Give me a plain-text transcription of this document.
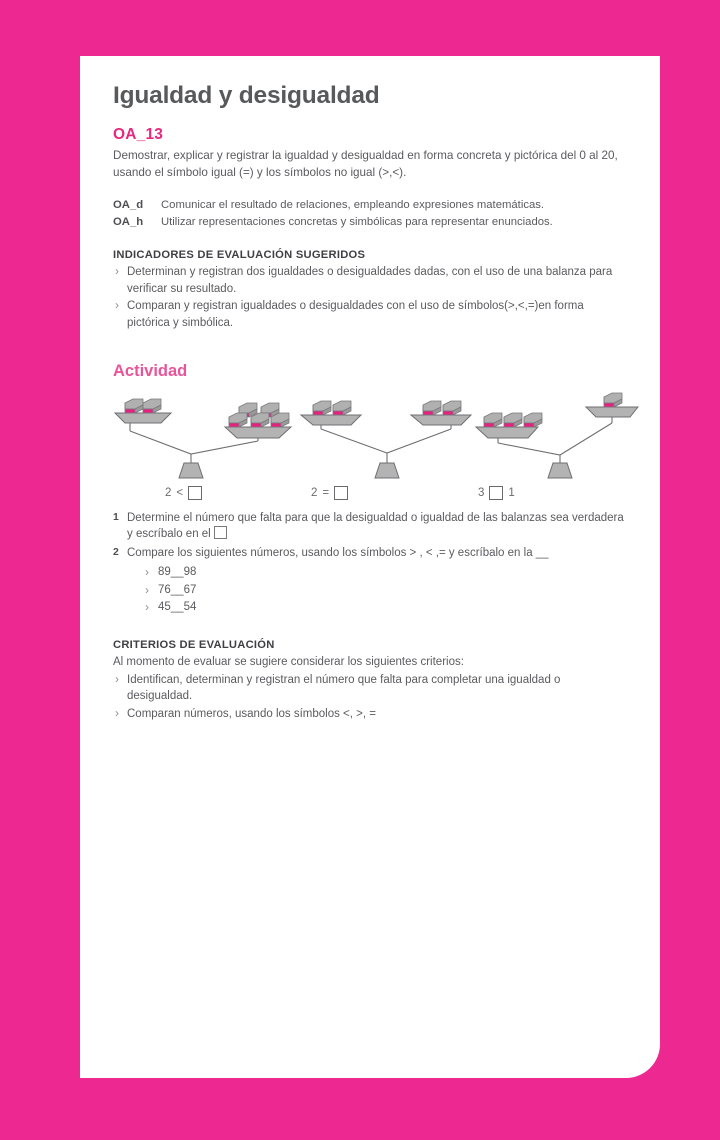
Igualdad y desigualdad
OA_13

Demostrar, explicar y registrar la igualdad y desigualdad en forma concreta y pictórica del 0 al 20, usando el símbolo igual (=) y los símbolos no igual (>,<).

OA_d	Comunicar el resultado de relaciones, empleando expresiones matemáticas.
OA_h	Utilizar representaciones concretas y simbólicas para representar enunciados.
INDICADORES DE EVALUACIÓN SUGERIDOS
› Determinan y registran dos igualdades o desigualdades dadas, con el uso de una balanza para verificar su resultado.
› Comparan y registran igualdades o desigualdades con el uso de símbolos(>,<,=)en forma pictórica y simbólica.
Actividad
2 <	2 =	3 1
1 Determine el número que falta para que la desigualdad o igualdad de las balanzas sea verdadera y escríbalo en el
2 Compare los siguientes números, usando los símbolos > , < ,= y escríbalo en la __
› 89__98
› 76__67
› 45__54
CRITERIOS DE EVALUACIÓN

Al momento de evaluar se sugiere considerar los siguientes criterios:

› Identifican, determinan y registran el número que falta para completar una igualdad o desigualdad.
› Comparan números, usando los símbolos <, >, =
